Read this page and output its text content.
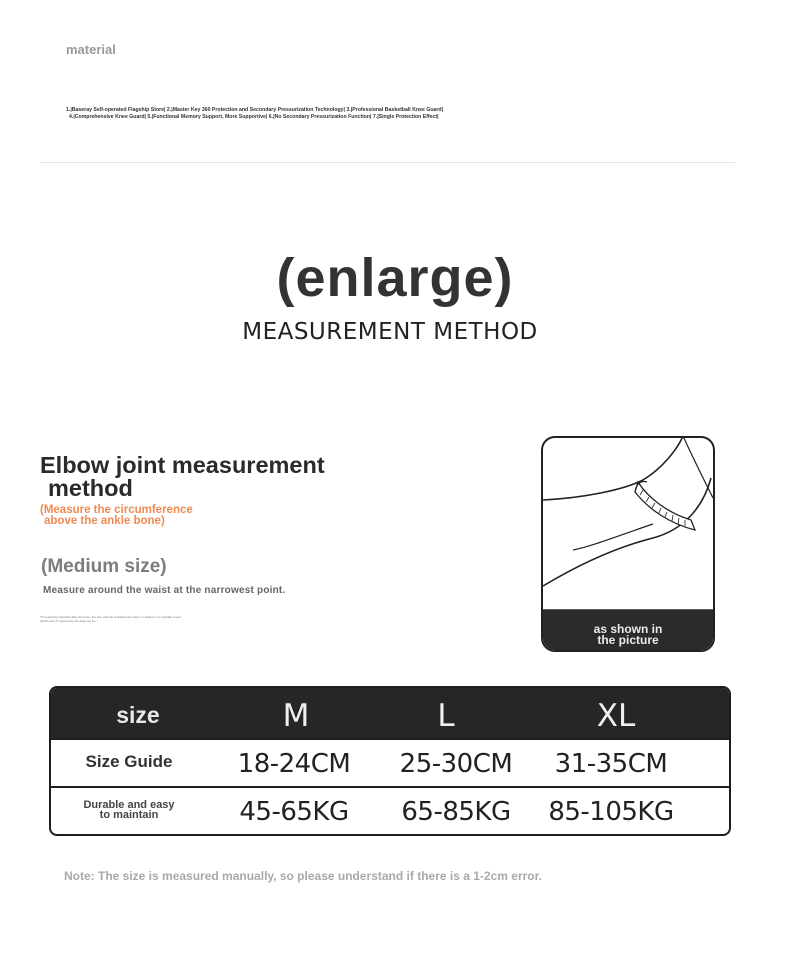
material
1.|Baseray Self-operated Flagship Store| 2.|Master Key 360 Protection and Secondary Pressurization Technology| 3.|Professional Basketball Knee Guard|
4.|Comprehensive Knee Guard| 5.|Functional Memory Support, More Supportive| 6.|No Secondary Pressurization Function| 7.|Single Protection Effect|
(enlarge)
MEASUREMENT METHOD
Elbow joint measurement
method
(Measure the circumference
above the ankle bone)
(Medium size)
Measure around the waist at the narrowest point.
*If measuring standard data, the dose, the site, and the simultaneous stand. Is defined. It is typically a real attachment. If measuring, the data can be...
as shown in
the picture
size	M	L	XL
Size Guide	18-24CM	25-30CM	31-35CM
Durable and easy
to maintain	45-65KG	65-85KG	85-105KG
Note: The size is measured manually, so please understand if there is a 1-2cm error.
